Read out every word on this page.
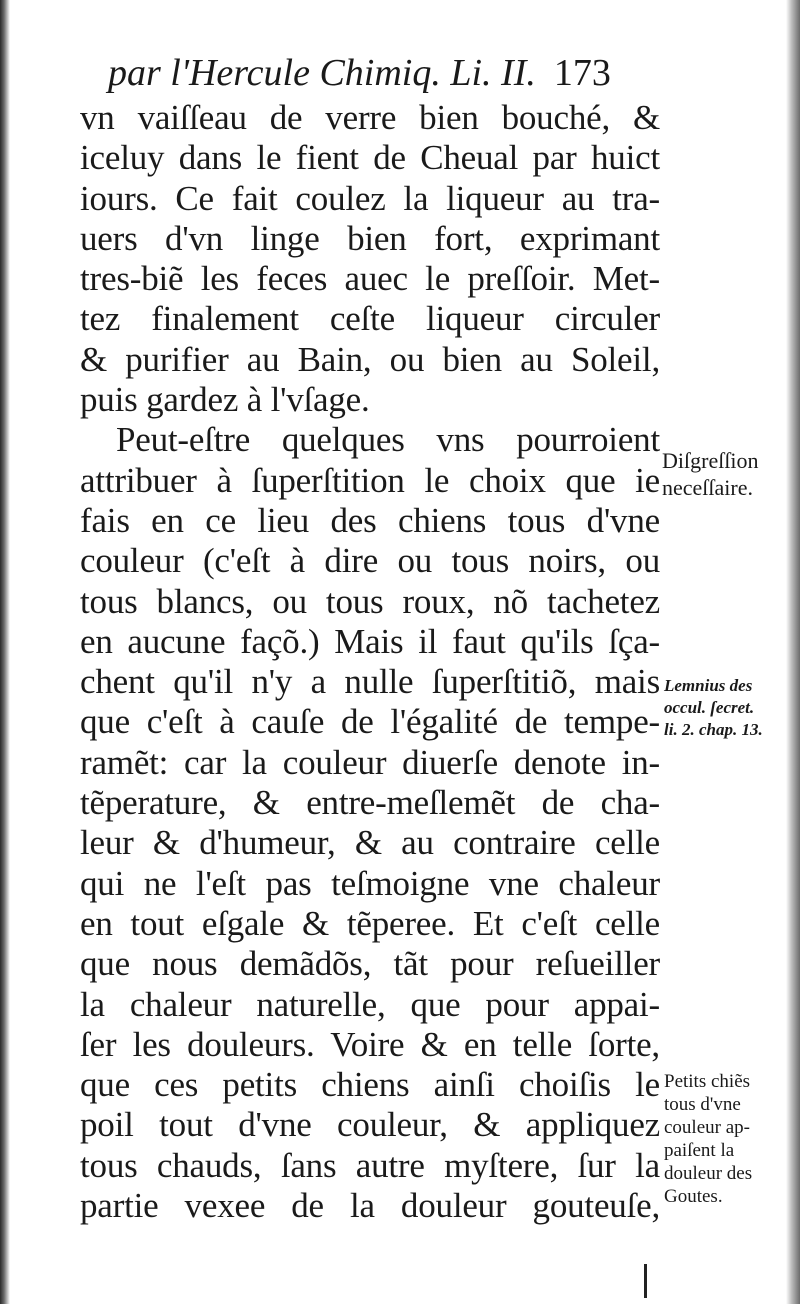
par l'Hercule Chimiq. Li. II. 173
vn vaiſſeau de verre bien bouché, &
iceluy dans le fient de Cheual par huict
iours. Ce fait coulez la liqueur au tra-
uers d'vn linge bien fort, exprimant
tres-biẽ les feces auec le preſſoir. Met-
tez finalement ceſte liqueur circuler
& purifier au Bain, ou bien au Soleil,
puis gardez à l'vſage.
Peut-eſtre quelques vns pourroient
attribuer à ſuperſtition le choix que ie
fais en ce lieu des chiens tous d'vne
couleur (c'eſt à dire ou tous noirs, ou
tous blancs, ou tous roux, nõ tachetez
en aucune façõ.) Mais il faut qu'ils ſça-
chent qu'il n'y a nulle ſuperſtitiõ, mais
que c'eſt à cauſe de l'égalité de tempe-
ramẽt: car la couleur diuerſe denote in-
tẽperature, & entre-meſlemẽt de cha-
leur & d'humeur, & au contraire celle
qui ne l'eſt pas teſmoigne vne chaleur
en tout eſgale & tẽperee. Et c'eſt celle
que nous demãdõs, tãt pour reſueiller
la chaleur naturelle, que pour appai-
ſer les douleurs. Voire & en telle ſorte,
que ces petits chiens ainſi choiſis le
poil tout d'vne couleur, & appliquez
tous chauds, ſans autre myſtere, ſur la
partie vexee de la douleur gouteuſe,
Diſgreſſion
neceſſaire.
Lemnius des
occul. ſecret.
li. 2. chap. 13.
Petits chiẽs
tous d'vne
couleur ap-
paiſent la
douleur des
Goutes.
